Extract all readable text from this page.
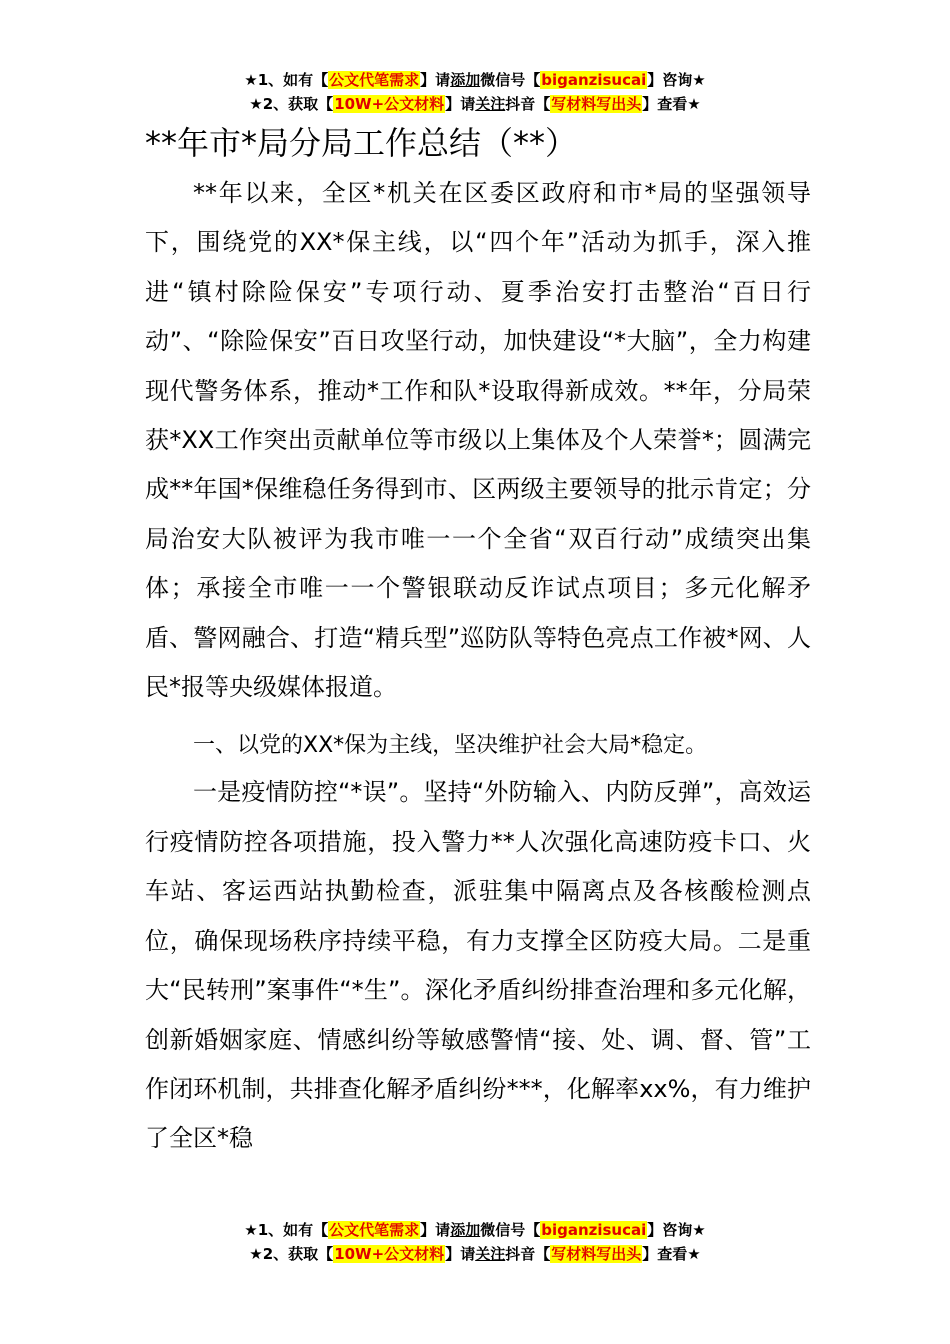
★1、如有【公文代笔需求】请添加微信号【biganzisucai】咨询★
★2、获取【10W+公文材料】请关注抖音【写材料写出头】查看★
**年市*局分局工作总结（**）

**年以来，全区*机关在区委区政府和市*局的坚强领导下，围绕党的XX*保主线，以“四个年”活动为抓手，深入推进“镇村除险保安”专项行动、夏季治安打击整治“百日行动”、“除险保安”百日攻坚行动，加快建设“*大脑”，全力构建现代警务体系，推动*工作和队*设取得新成效。**年，分局荣获*XX工作突出贡献单位等市级以上集体及个人荣誉*；圆满完成**年国*保维稳任务得到市、区两级主要领导的批示肯定；分局治安大队被评为我市唯一一个全省“双百行动”成绩突出集体；承接全市唯一一个警银联动反诈试点项目；多元化解矛盾、警网融合、打造“精兵型”巡防队等特色亮点工作被*网、人民*报等央级媒体报道。

一、以党的XX*保为主线，坚决维护社会大局*稳定。

一是疫情防控“*误”。坚持“外防输入、内防反弹”，高效运行疫情防控各项措施，投入警力**人次强化高速防疫卡口、火车站、客运西站执勤检查，派驻集中隔离点及各核酸检测点位，确保现场秩序持续平稳，有力支撑全区防疫大局。二是重大“民转刑”案事件“*生”。深化矛盾纠纷排查治理和多元化解，创新婚姻家庭、情感纠纷等敏感警情“接、处、调、督、管”工作闭环机制，共排查化解矛盾纠纷***，化解率xx%，有力维护了全区*稳

★1、如有【公文代笔需求】请添加微信号【biganzisucai】咨询★
★2、获取【10W+公文材料】请关注抖音【写材料写出头】查看★
